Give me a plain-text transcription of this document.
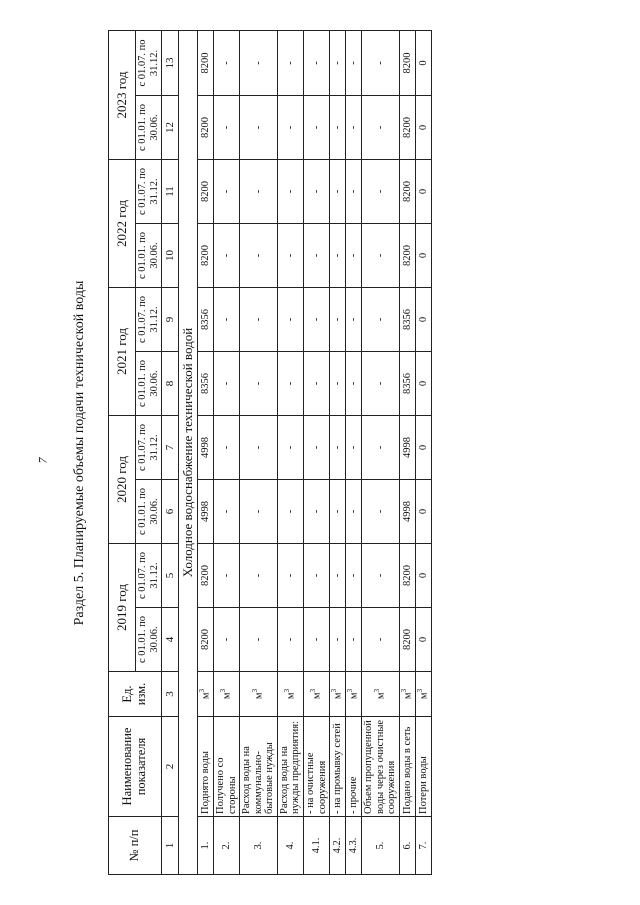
7 Раздел 5. Планируемые объемы подачи технической воды
№ п/п	Наименование показателя	Ед. изм.	2019 год		2020 год		2021 год		2022 год		2023 год	
			с 01.01. по 30.06.	с 01.07. по 31.12.	с 01.01. по 30.06.	с 01.07. по 31.12.	с 01.01. по 30.06.	с 01.07. по 31.12.	с 01.01. по 30.06.	с 01.07. по 31.12.	с 01.01. по 30.06.	с 01.07. по 31.12.
1	2	3	4	5	6	7	8	9	10	11	12	13
Холодное водоснабжение технической водой												
1.	Поднято воды	$м^3$	8200	8200	4998	4998	8356	8356	8200	8200	8200	8200
2.	Получено со стороны	$м^3$	-	-	-	-	-	-	-	-	-	-
3.	Расход воды на коммунально-бытовые нужды	$м^3$	-	-	-	-	-	-	-	-	-	-
4.	Расход воды на нужды предприятия:	$м^3$	-	-	-	-	-	-	-	-	-	-
4.1.	- на очистные сооружения	$м^3$	-	-	-	-	-	-	-	-	-	-
4.2.	- на промывку сетей	$м^3$	-	-	-	-	-	-	-	-	-	-
4.3.	- прочие	$м^3$	-	-	-	-	-	-	-	-	-	-
5.	Объем пропущенной воды через очистные сооружения	$м^3$	-	-	-	-	-	-	-	-	-	-
6.	Подано воды в сеть	$м^3$	8200	8200	4998	4998	8356	8356	8200	8200	8200	8200
7.	Потери воды	$м^3$	0	0	0	0	0	0	0	0	0	0
